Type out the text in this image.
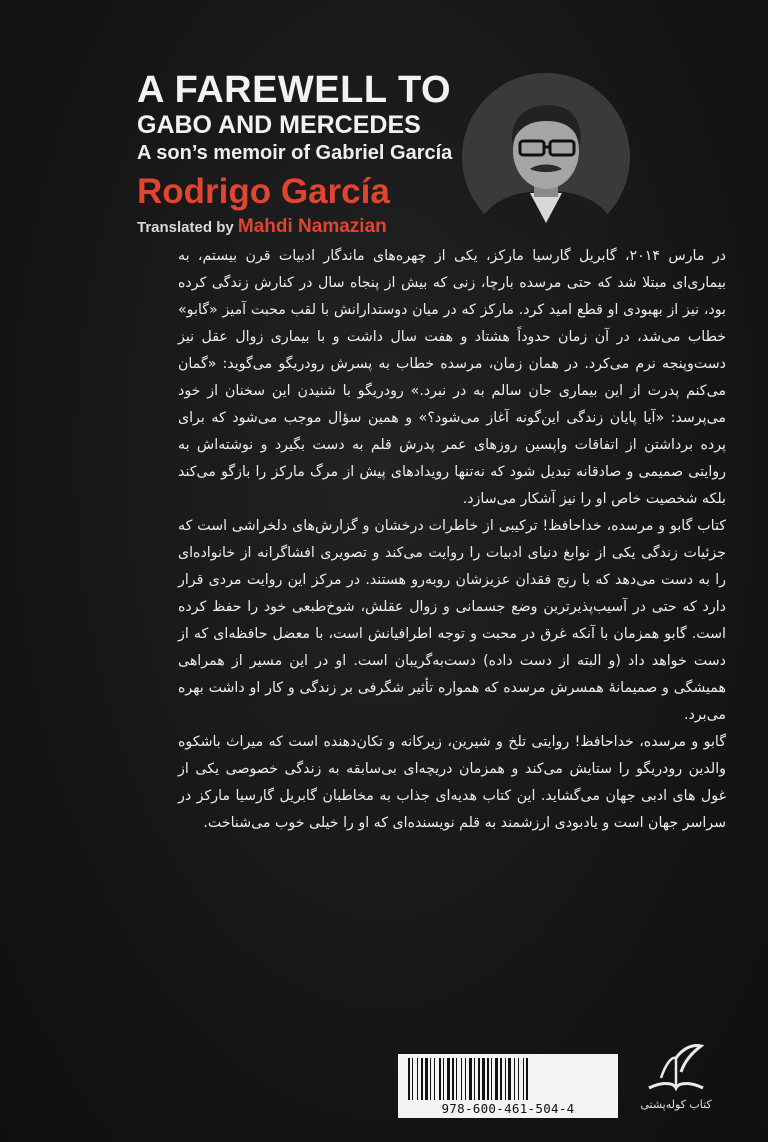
A FAREWELL TO
GABO AND MERCEDES
A son’s memoir of Gabriel García
Rodrigo García
Translated by Mahdi Namazian

در مارس ۲۰۱۴، گابریل گارسیا مارکز، یکی از چهره‌های ماندگار ادبیات قرن بیستم، به بیماری‌ای مبتلا شد که حتی مرسده بارچا، زنی که بیش از پنجاه سال در کنارش زندگی کرده بود، نیز از بهبودی او قطع امید کرد. مارکز که در میان دوستدارانش با لقب محبت آمیز «گابو» خطاب می‌شد، در آن زمان حدوداً هشتاد و هفت سال داشت و با بیماری زوال عقل نیز دست‌وپنجه نرم می‌کرد. در همان زمان، مرسده خطاب به پسرش رودریگو می‌گوید: «گمان می‌کنم پدرت از این بیماری جان سالم به در نبرد.» رودریگو با شنیدن این سخنان از خود می‌پرسد: «آیا پایان زندگی این‌گونه آغاز می‌شود؟» و همین سؤال موجب می‌شود که برای پرده برداشتن از اتفاقات واپسین روزهای عمر پدرش قلم به دست بگیرد و نوشته‌اش به روایتی صمیمی و صادقانه تبدیل شود که نه‌تنها رویدادهای پیش از مرگ مارکز را بازگو می‌کند بلکه شخصیت خاص او را نیز آشکار می‌سازد.

کتاب گابو و مرسده، خداحافظ! ترکیبی از خاطرات درخشان و گزارش‌های دلخراشی است که جزئیات زندگی یکی از نوابغ دنیای ادبیات را روایت می‌کند و تصویری افشاگرانه از خانواده‌ای را به دست می‌دهد که با رنج فقدان عزیزشان روبه‌رو هستند. در مرکز این روایت مردی قرار دارد که حتی در آسیب‌پذیرترین وضع جسمانی و زوال عقلش، شوخ‌طبعی خود را حفظ کرده است. گابو همزمان با آنکه غرق در محبت و توجه اطرافیانش است، با معضل حافظه‌ای که از دست خواهد داد (و البته از دست داده) دست‌به‌گریبان است. او در این مسیر از همراهی همیشگی و صمیمانهٔ همسرش مرسده که همواره تأثیر شگرفی بر زندگی و کار او داشت بهره می‌برد.

گابو و مرسده، خداحافظ! روایتی تلخ و شیرین، زیرکانه و تکان‌دهنده است که میراث باشکوه والدین رودریگو را ستایش می‌کند و همزمان دریچه‌ای بی‌سابقه به زندگی خصوصی یکی از غول های ادبی جهان می‌گشاید. این کتاب هدیه‌ای جذاب به مخاطبان گابریل گارسیا مارکز در سراسر جهان است و یادبودی ارزشمند به قلم نویسنده‌ای که او را خیلی خوب می‌شناخت.

978-600-461-504-4	کتاب کوله‌پشتی
